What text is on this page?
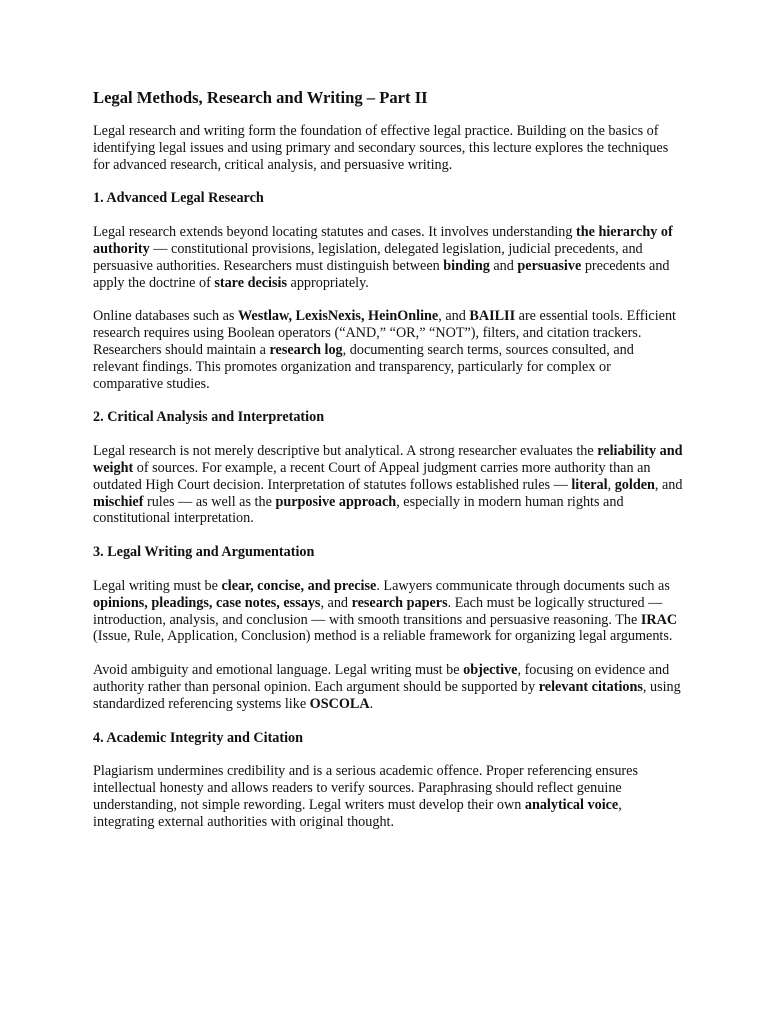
Legal Methods, Research and Writing – Part II

Legal research and writing form the foundation of effective legal practice. Building on the basics of identifying legal issues and using primary and secondary sources, this lecture explores the techniques for advanced research, critical analysis, and persuasive writing.

1. Advanced Legal Research

Legal research extends beyond locating statutes and cases. It involves understanding the hierarchy of authority — constitutional provisions, legislation, delegated legislation, judicial precedents, and persuasive authorities. Researchers must distinguish between binding and persuasive precedents and apply the doctrine of stare decisis appropriately.

Online databases such as Westlaw, LexisNexis, HeinOnline, and BAILII are essential tools. Efficient research requires using Boolean operators (“AND,” “OR,” “NOT”), filters, and citation trackers. Researchers should maintain a research log, documenting search terms, sources consulted, and relevant findings. This promotes organization and transparency, particularly for complex or comparative studies.

2. Critical Analysis and Interpretation

Legal research is not merely descriptive but analytical. A strong researcher evaluates the reliability and weight of sources. For example, a recent Court of Appeal judgment carries more authority than an outdated High Court decision. Interpretation of statutes follows established rules — literal, golden, and mischief rules — as well as the purposive approach, especially in modern human rights and constitutional interpretation.

3. Legal Writing and Argumentation

Legal writing must be clear, concise, and precise. Lawyers communicate through documents such as opinions, pleadings, case notes, essays, and research papers. Each must be logically structured — introduction, analysis, and conclusion — with smooth transitions and persuasive reasoning. The IRAC (Issue, Rule, Application, Conclusion) method is a reliable framework for organizing legal arguments.

Avoid ambiguity and emotional language. Legal writing must be objective, focusing on evidence and authority rather than personal opinion. Each argument should be supported by relevant citations, using standardized referencing systems like OSCOLA.

4. Academic Integrity and Citation

Plagiarism undermines credibility and is a serious academic offence. Proper referencing ensures intellectual honesty and allows readers to verify sources. Paraphrasing should reflect genuine understanding, not simple rewording. Legal writers must develop their own analytical voice, integrating external authorities with original thought.
